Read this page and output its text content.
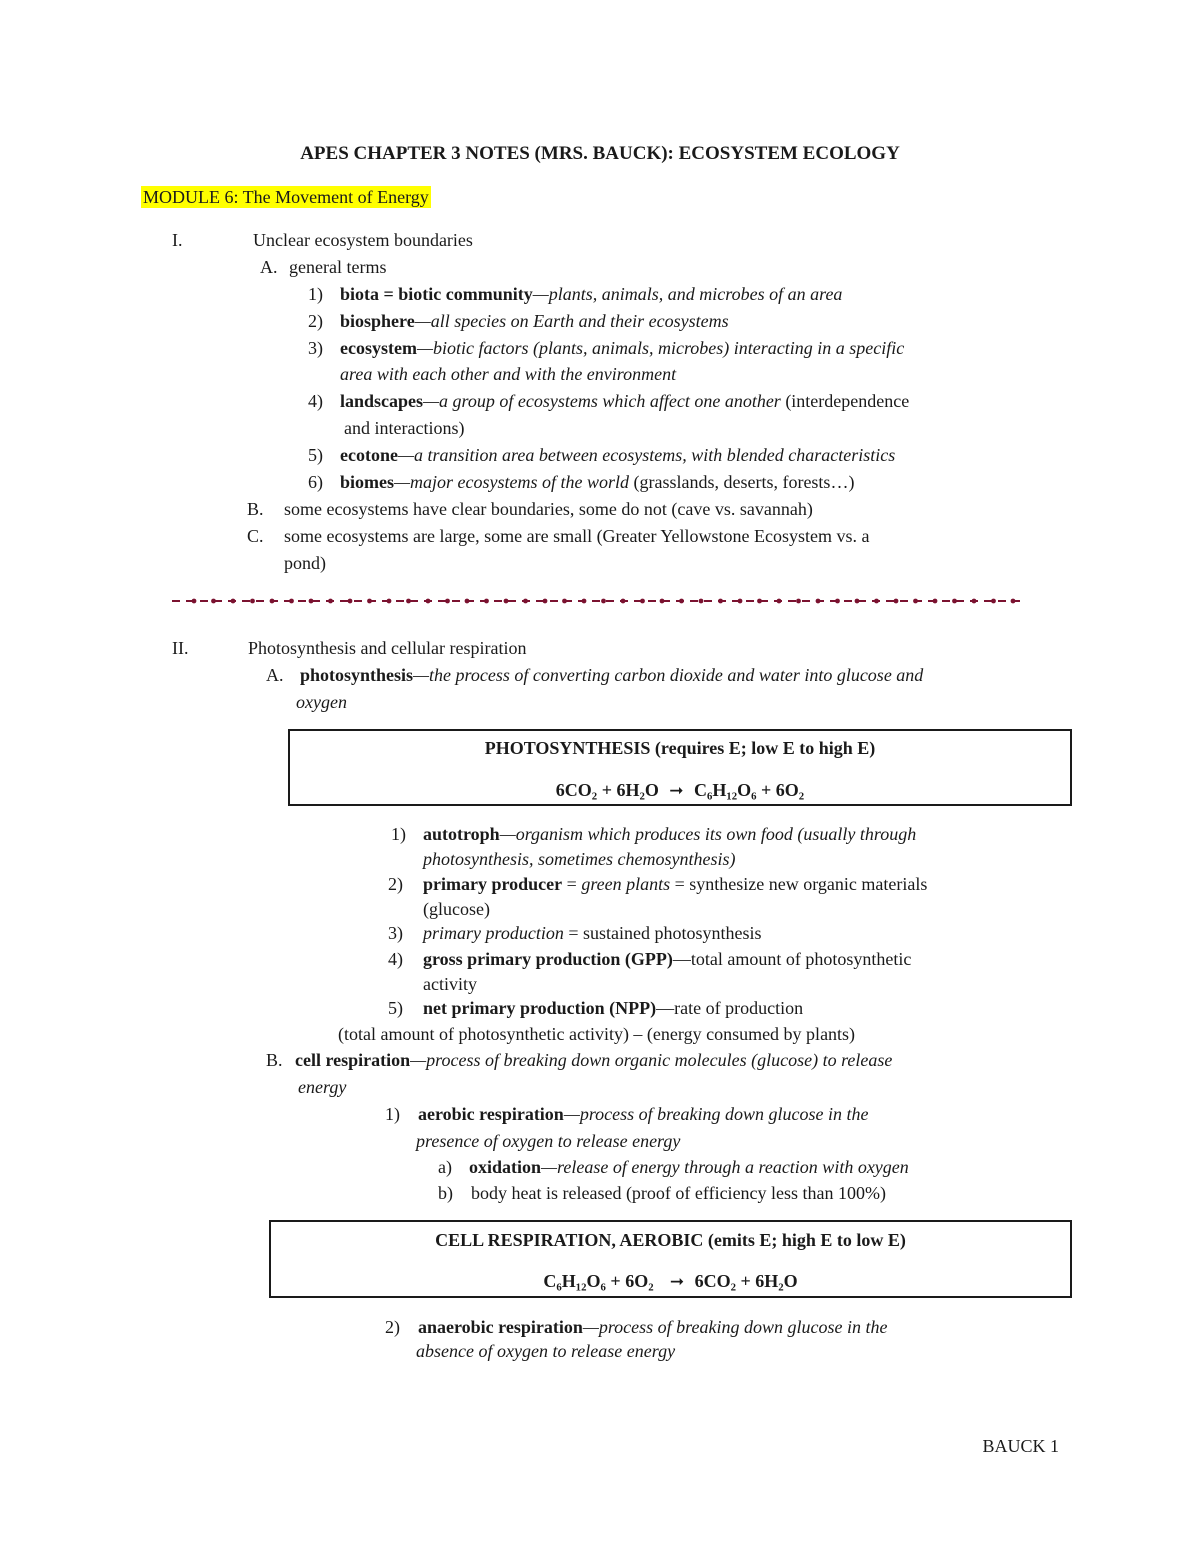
APES CHAPTER 3 NOTES (MRS. BAUCK): ECOSYSTEM ECOLOGY
MODULE 6: The Movement of Energy
I.	Unclear ecosystem boundaries
A. general terms
1) biota = biotic community—plants, animals, and microbes of an area
2) biosphere—all species on Earth and their ecosystems
3) ecosystem—biotic factors (plants, animals, microbes) interacting in a specific
area with each other and with the environment
4) landscapes—a group of ecosystems which affect one another (interdependence
and interactions)
5) ecotone—a transition area between ecosystems, with blended characteristics
6) biomes—major ecosystems of the world (grasslands, deserts, forests…)
B. some ecosystems have clear boundaries, some do not (cave vs. savannah)
C. some ecosystems are large, some are small (Greater Yellowstone Ecosystem vs. a
pond)
II.	Photosynthesis and cellular respiration
A. photosynthesis—the process of converting carbon dioxide and water into glucose and
oxygen
PHOTOSYNTHESIS (requires E; low E to high E)
6CO₂ + 6H₂O  ➞  C₆H₁₂O₆ + 6O₂
1) autotroph—organism which produces its own food (usually through
photosynthesis, sometimes chemosynthesis)
2) primary producer = green plants = synthesize new organic materials
(glucose)
3) primary production = sustained photosynthesis
4) gross primary production (GPP)—total amount of photosynthetic
activity
5) net primary production (NPP)—rate of production
(total amount of photosynthetic activity) – (energy consumed by plants)
B. cell respiration—process of breaking down organic molecules (glucose) to release
energy
1) aerobic respiration—process of breaking down glucose in the
presence of oxygen to release energy
a) oxidation—release of energy through a reaction with oxygen
b) body heat is released (proof of efficiency less than 100%)
CELL RESPIRATION, AEROBIC (emits E; high E to low E)
C₆H₁₂O₆ + 6O₂   ➞  6CO₂ + 6H₂O
2) anaerobic respiration—process of breaking down glucose in the
absence of oxygen to release energy
BAUCK 1
